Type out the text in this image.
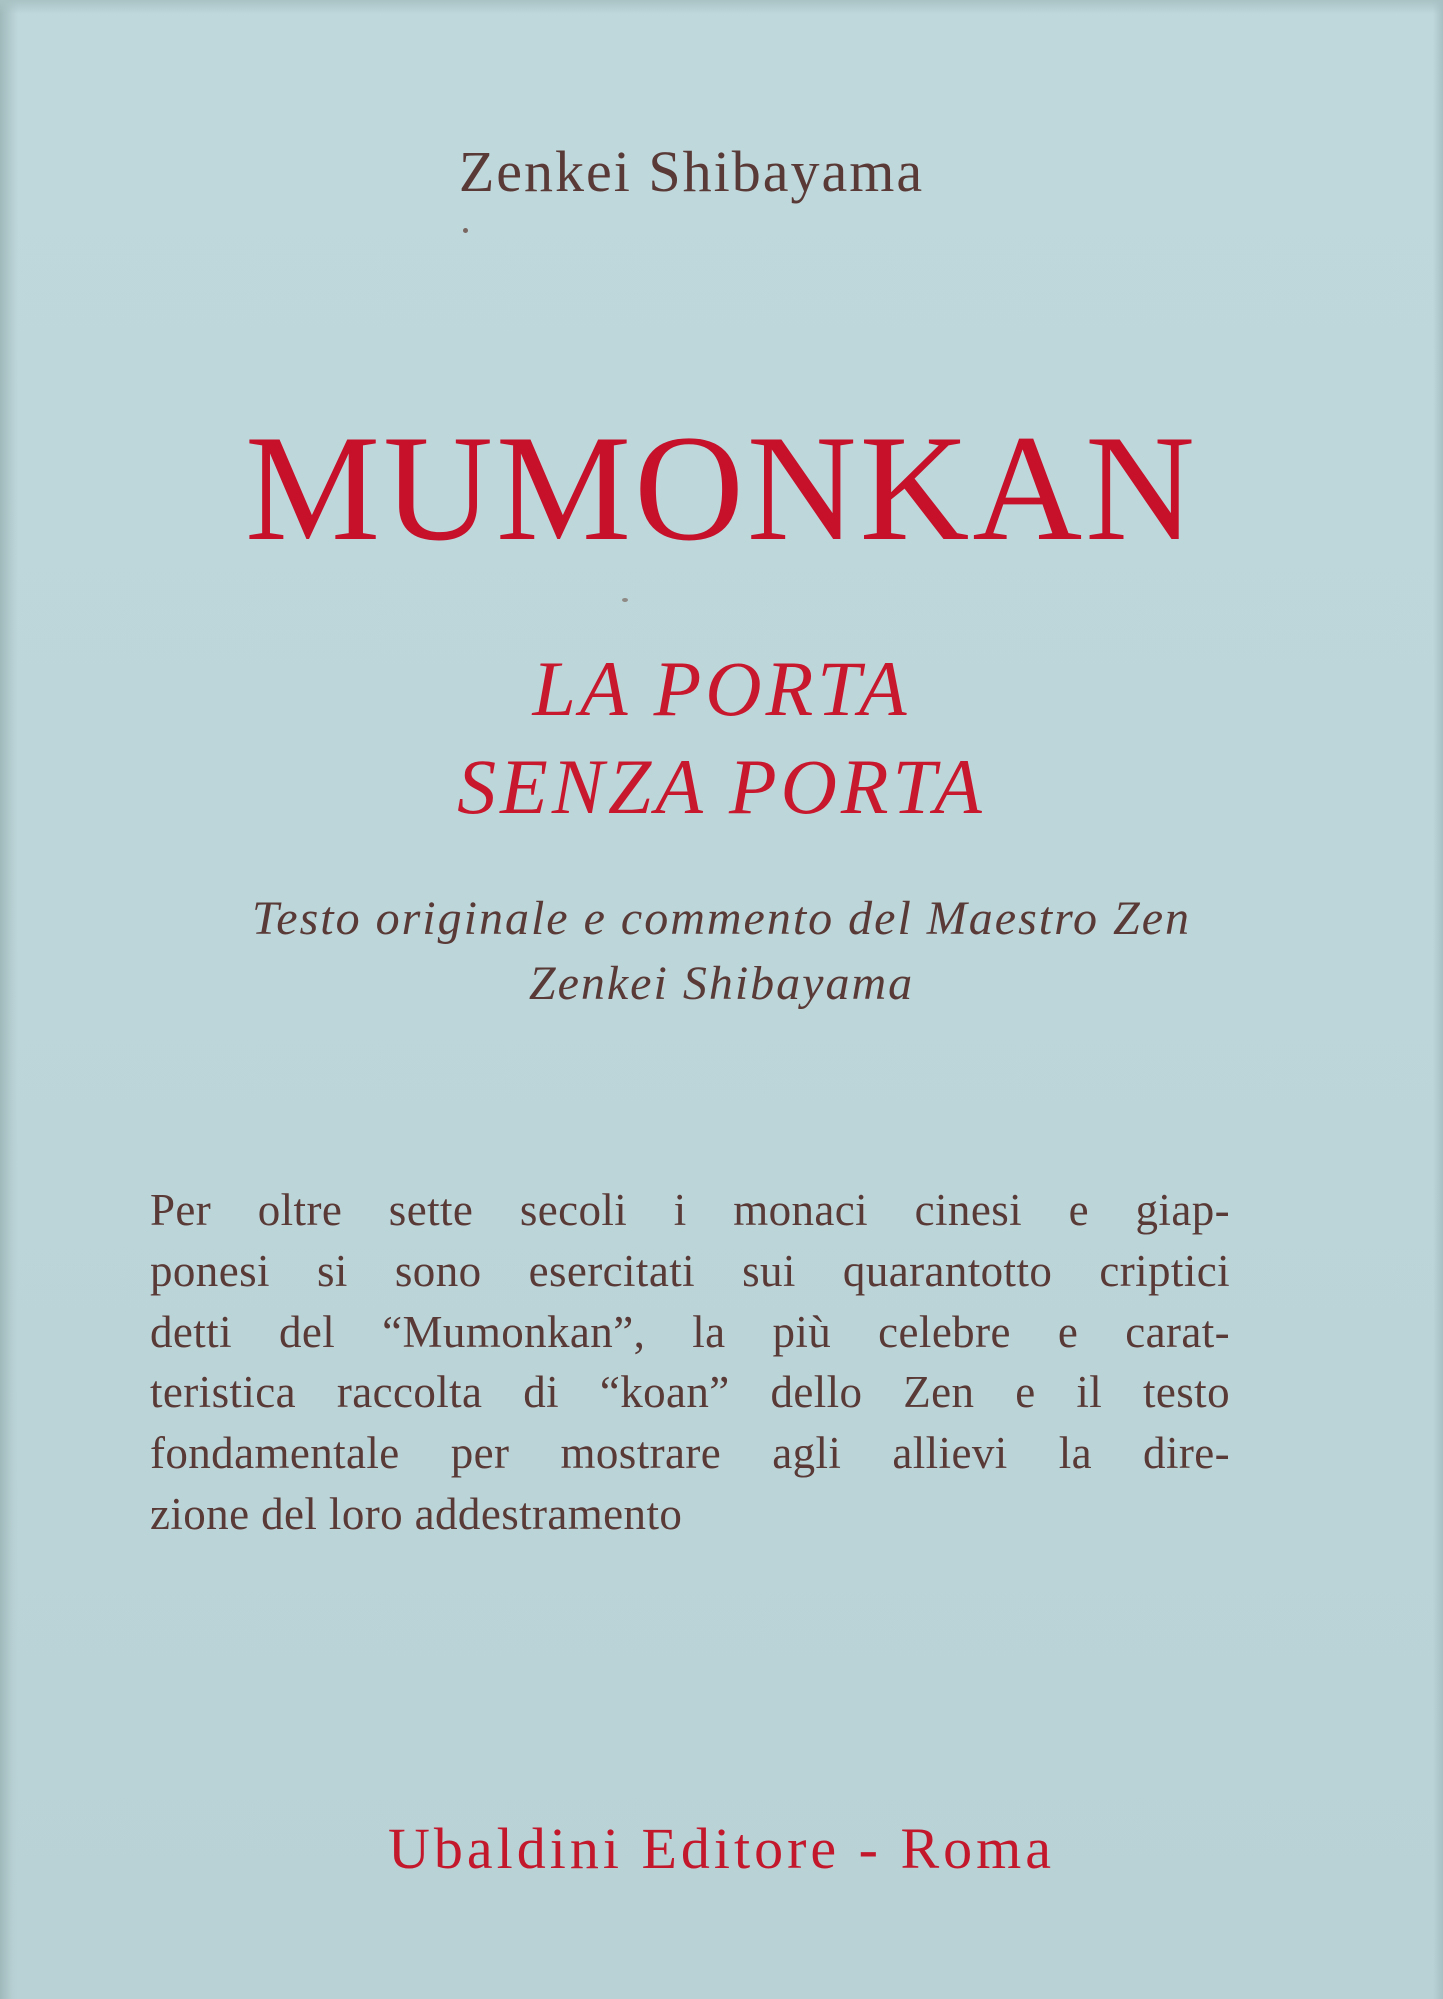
Zenkei Shibayama
MUMONKAN
LA PORTA
SENZA PORTA
Testo originale e commento del Maestro Zen
Zenkei Shibayama
Per oltre sette secoli i monaci cinesi e giap-
ponesi si sono esercitati sui quarantotto criptici
detti del “Mumonkan”, la più celebre e carat-
teristica raccolta di “koan” dello Zen e il testo
fondamentale per mostrare agli allievi la dire-
zione del loro addestramento
Ubaldini Editore - Roma
